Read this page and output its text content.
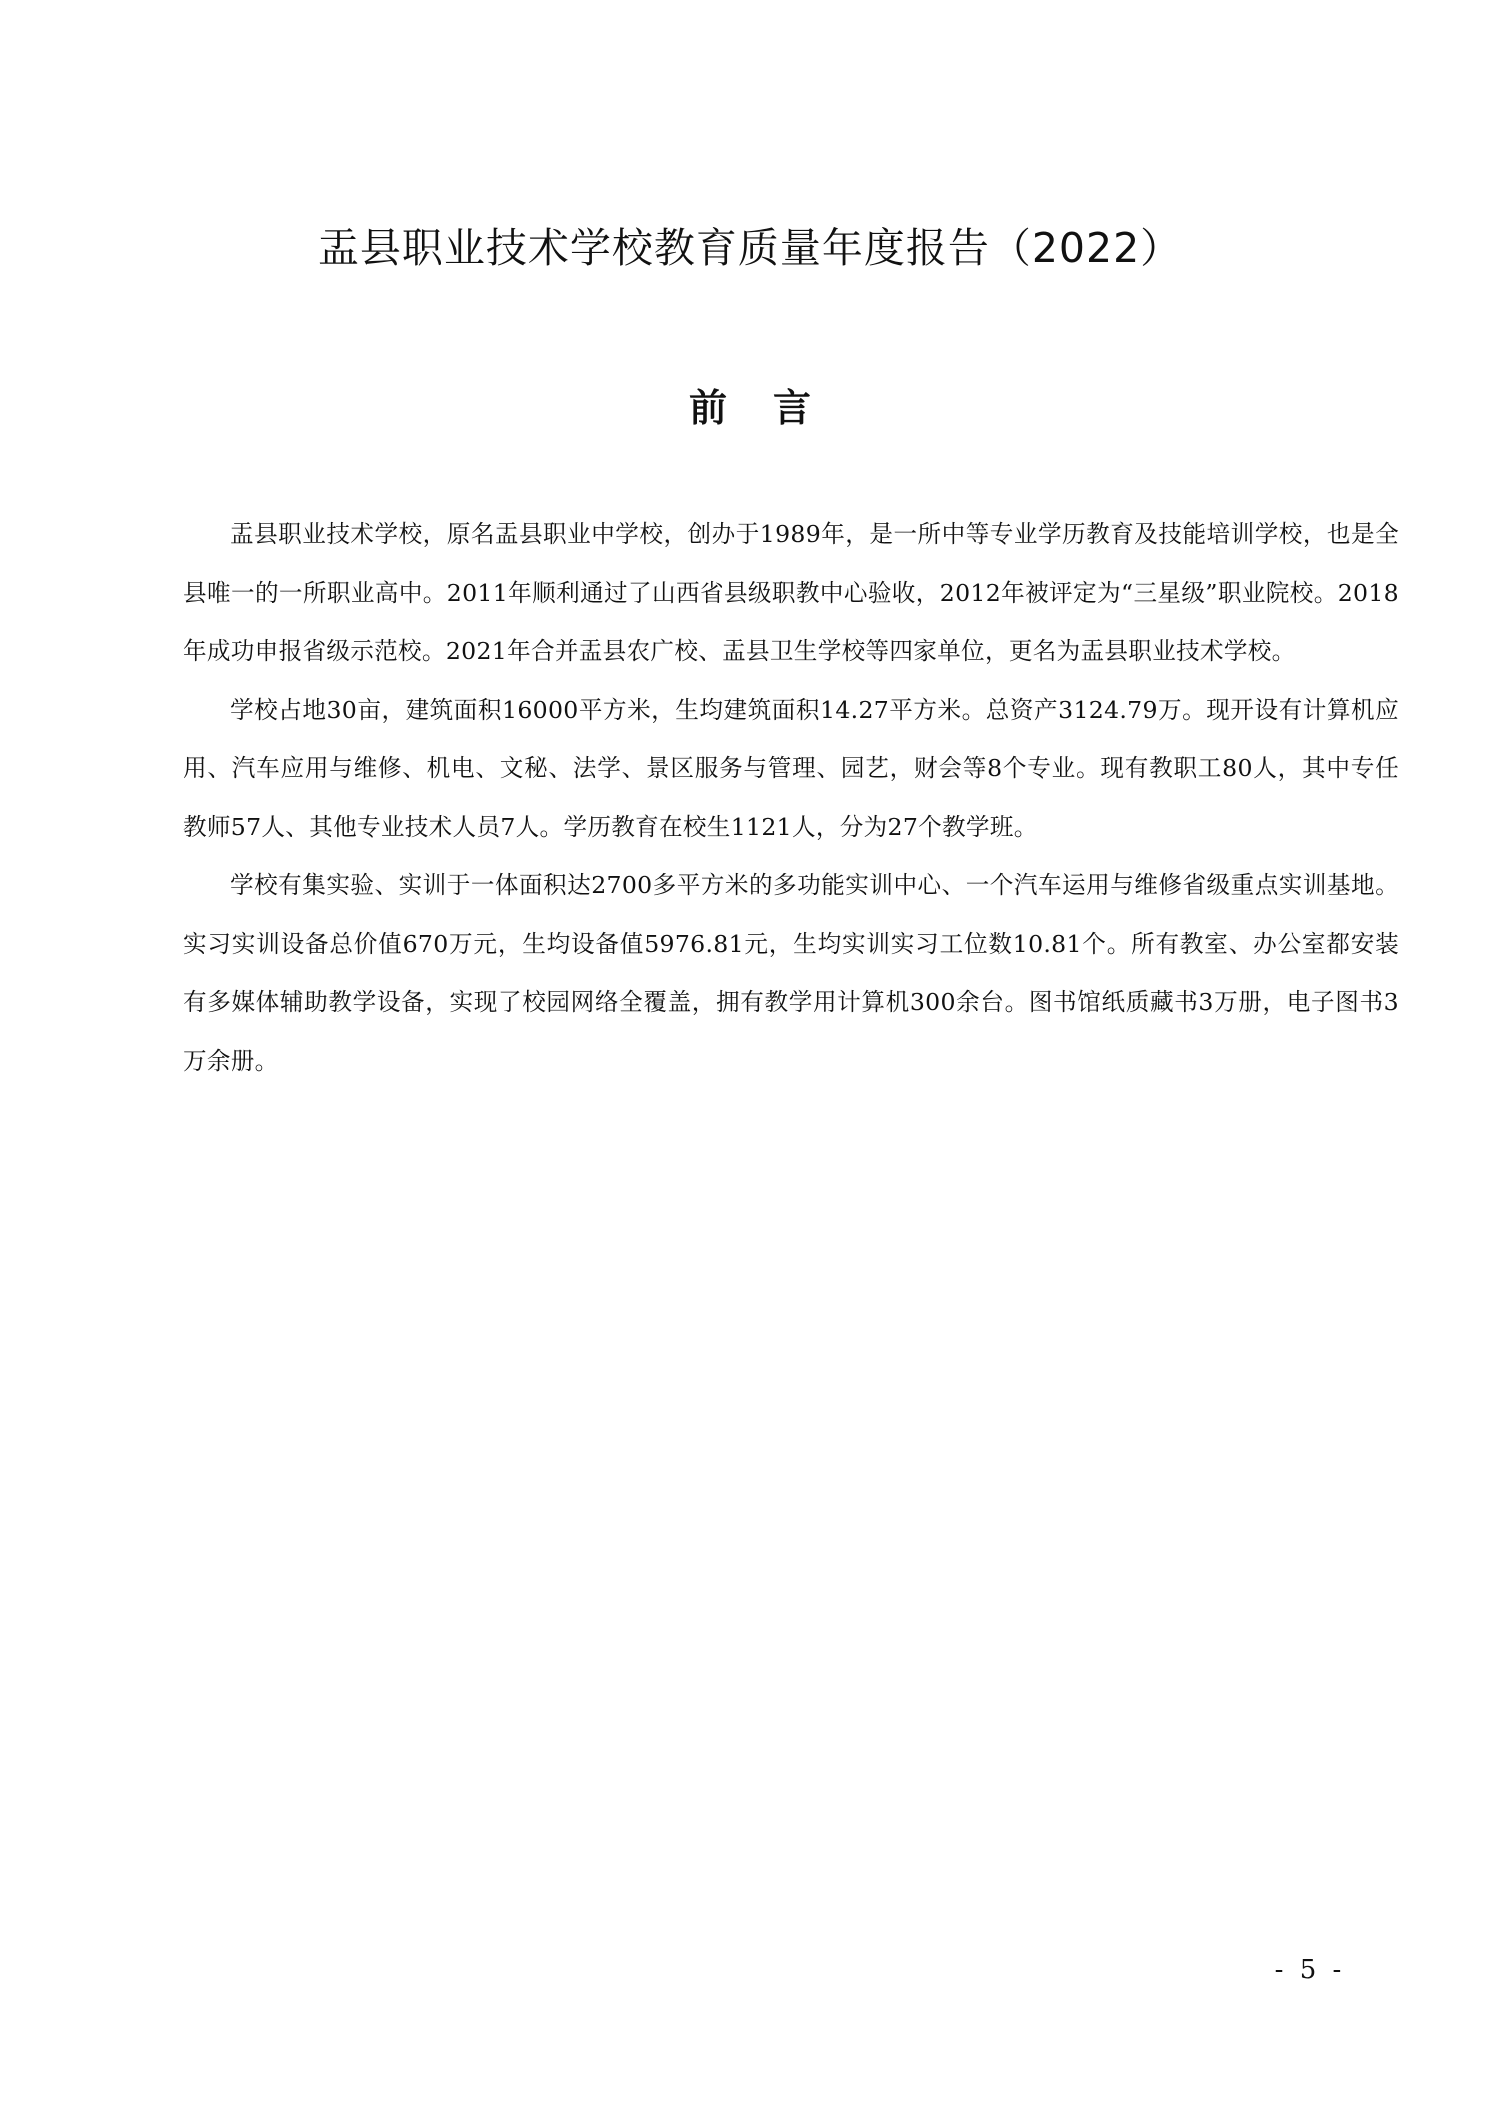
盂县职业技术学校教育质量年度报告（2022）
前言

盂县职业技术学校，原名盂县职业中学校，创办于1989年，是一所中等专业学历教育及技能培训学校，也是全县唯一的一所职业高中。2011年顺利通过了山西省县级职教中心验收，2012年被评定为“三星级”职业院校。2018年成功申报省级示范校。2021年合并盂县农广校、盂县卫生学校等四家单位，更名为盂县职业技术学校。

学校占地30亩，建筑面积16000平方米，生均建筑面积14.27平方米。总资产3124.79万。现开设有计算机应用、汽车应用与维修、机电、文秘、法学、景区服务与管理、园艺，财会等8个专业。现有教职工80人，其中专任教师57人、其他专业技术人员7人。学历教育在校生1121人，分为27个教学班。

学校有集实验、实训于一体面积达2700多平方米的多功能实训中心、一个汽车运用与维修省级重点实训基地。实习实训设备总价值670万元，生均设备值5976.81元，生均实训实习工位数10.81个。所有教室、办公室都安装有多媒体辅助教学设备，实现了校园网络全覆盖，拥有教学用计算机300余台。图书馆纸质藏书3万册，电子图书3万余册。

- 5 -
